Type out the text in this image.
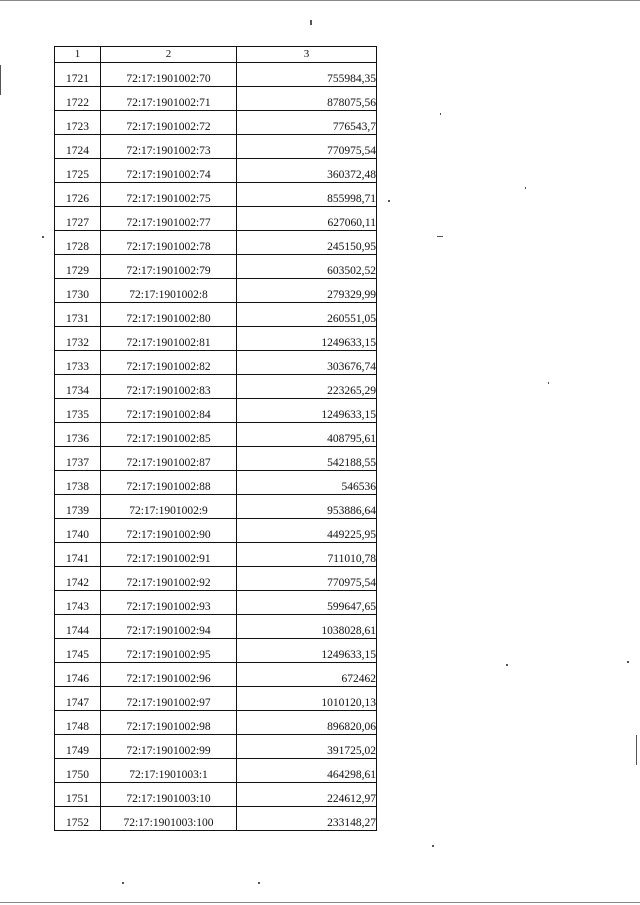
1	2	3
1721	72:17:1901002:70	755984,35
1722	72:17:1901002:71	878075,56
1723	72:17:1901002:72	776543,7
1724	72:17:1901002:73	770975,54
1725	72:17:1901002:74	360372,48
1726	72:17:1901002:75	855998,71
1727	72:17:1901002:77	627060,11
1728	72:17:1901002:78	245150,95
1729	72:17:1901002:79	603502,52
1730	72:17:1901002:8	279329,99
1731	72:17:1901002:80	260551,05
1732	72:17:1901002:81	1249633,15
1733	72:17:1901002:82	303676,74
1734	72:17:1901002:83	223265,29
1735	72:17:1901002:84	1249633,15
1736	72:17:1901002:85	408795,61
1737	72:17:1901002:87	542188,55
1738	72:17:1901002:88	546536
1739	72:17:1901002:9	953886,64
1740	72:17:1901002:90	449225,95
1741	72:17:1901002:91	711010,78
1742	72:17:1901002:92	770975,54
1743	72:17:1901002:93	599647,65
1744	72:17:1901002:94	1038028,61
1745	72:17:1901002:95	1249633,15
1746	72:17:1901002:96	672462
1747	72:17:1901002:97	1010120,13
1748	72:17:1901002:98	896820,06
1749	72:17:1901002:99	391725,02
1750	72:17:1901003:1	464298,61
1751	72:17:1901003:10	224612,97
1752	72:17:1901003:100	233148,27
